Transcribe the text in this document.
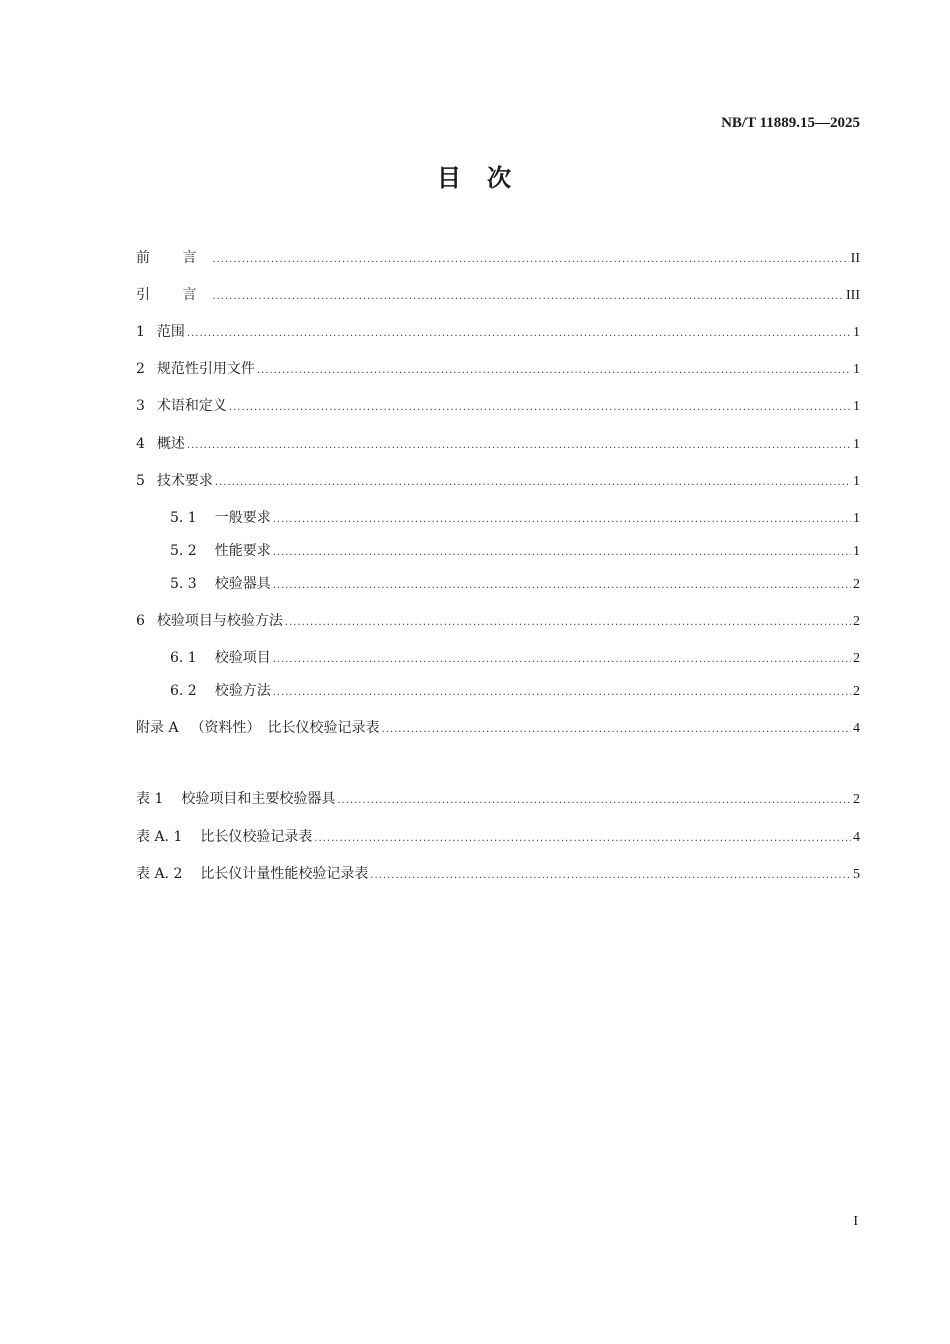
NB/T 11889.15—2025
目 次
前 言 .....	II
引 言 .....	III
1 范围 .....	1
2 规范性引用文件 .....	1
3 术语和定义 .....	1
4 概述 .....	1
5 技术要求 .....	1
5. 1 一般要求 .....	1
5. 2 性能要求 .....	1
5. 3 校验器具 .....	2
6 校验项目与校验方法 .....	2
6. 1 校验项目 .....	2
6. 2 校验方法 .....	2
附录 A （资料性）　比长仪校验记录表 .....	4
表 1 校验项目和主要校验器具 .....	2
表 A. 1 比长仪校验记录表 .....	4
表 A. 2 比长仪计量性能校验记录表 .....	5
I
